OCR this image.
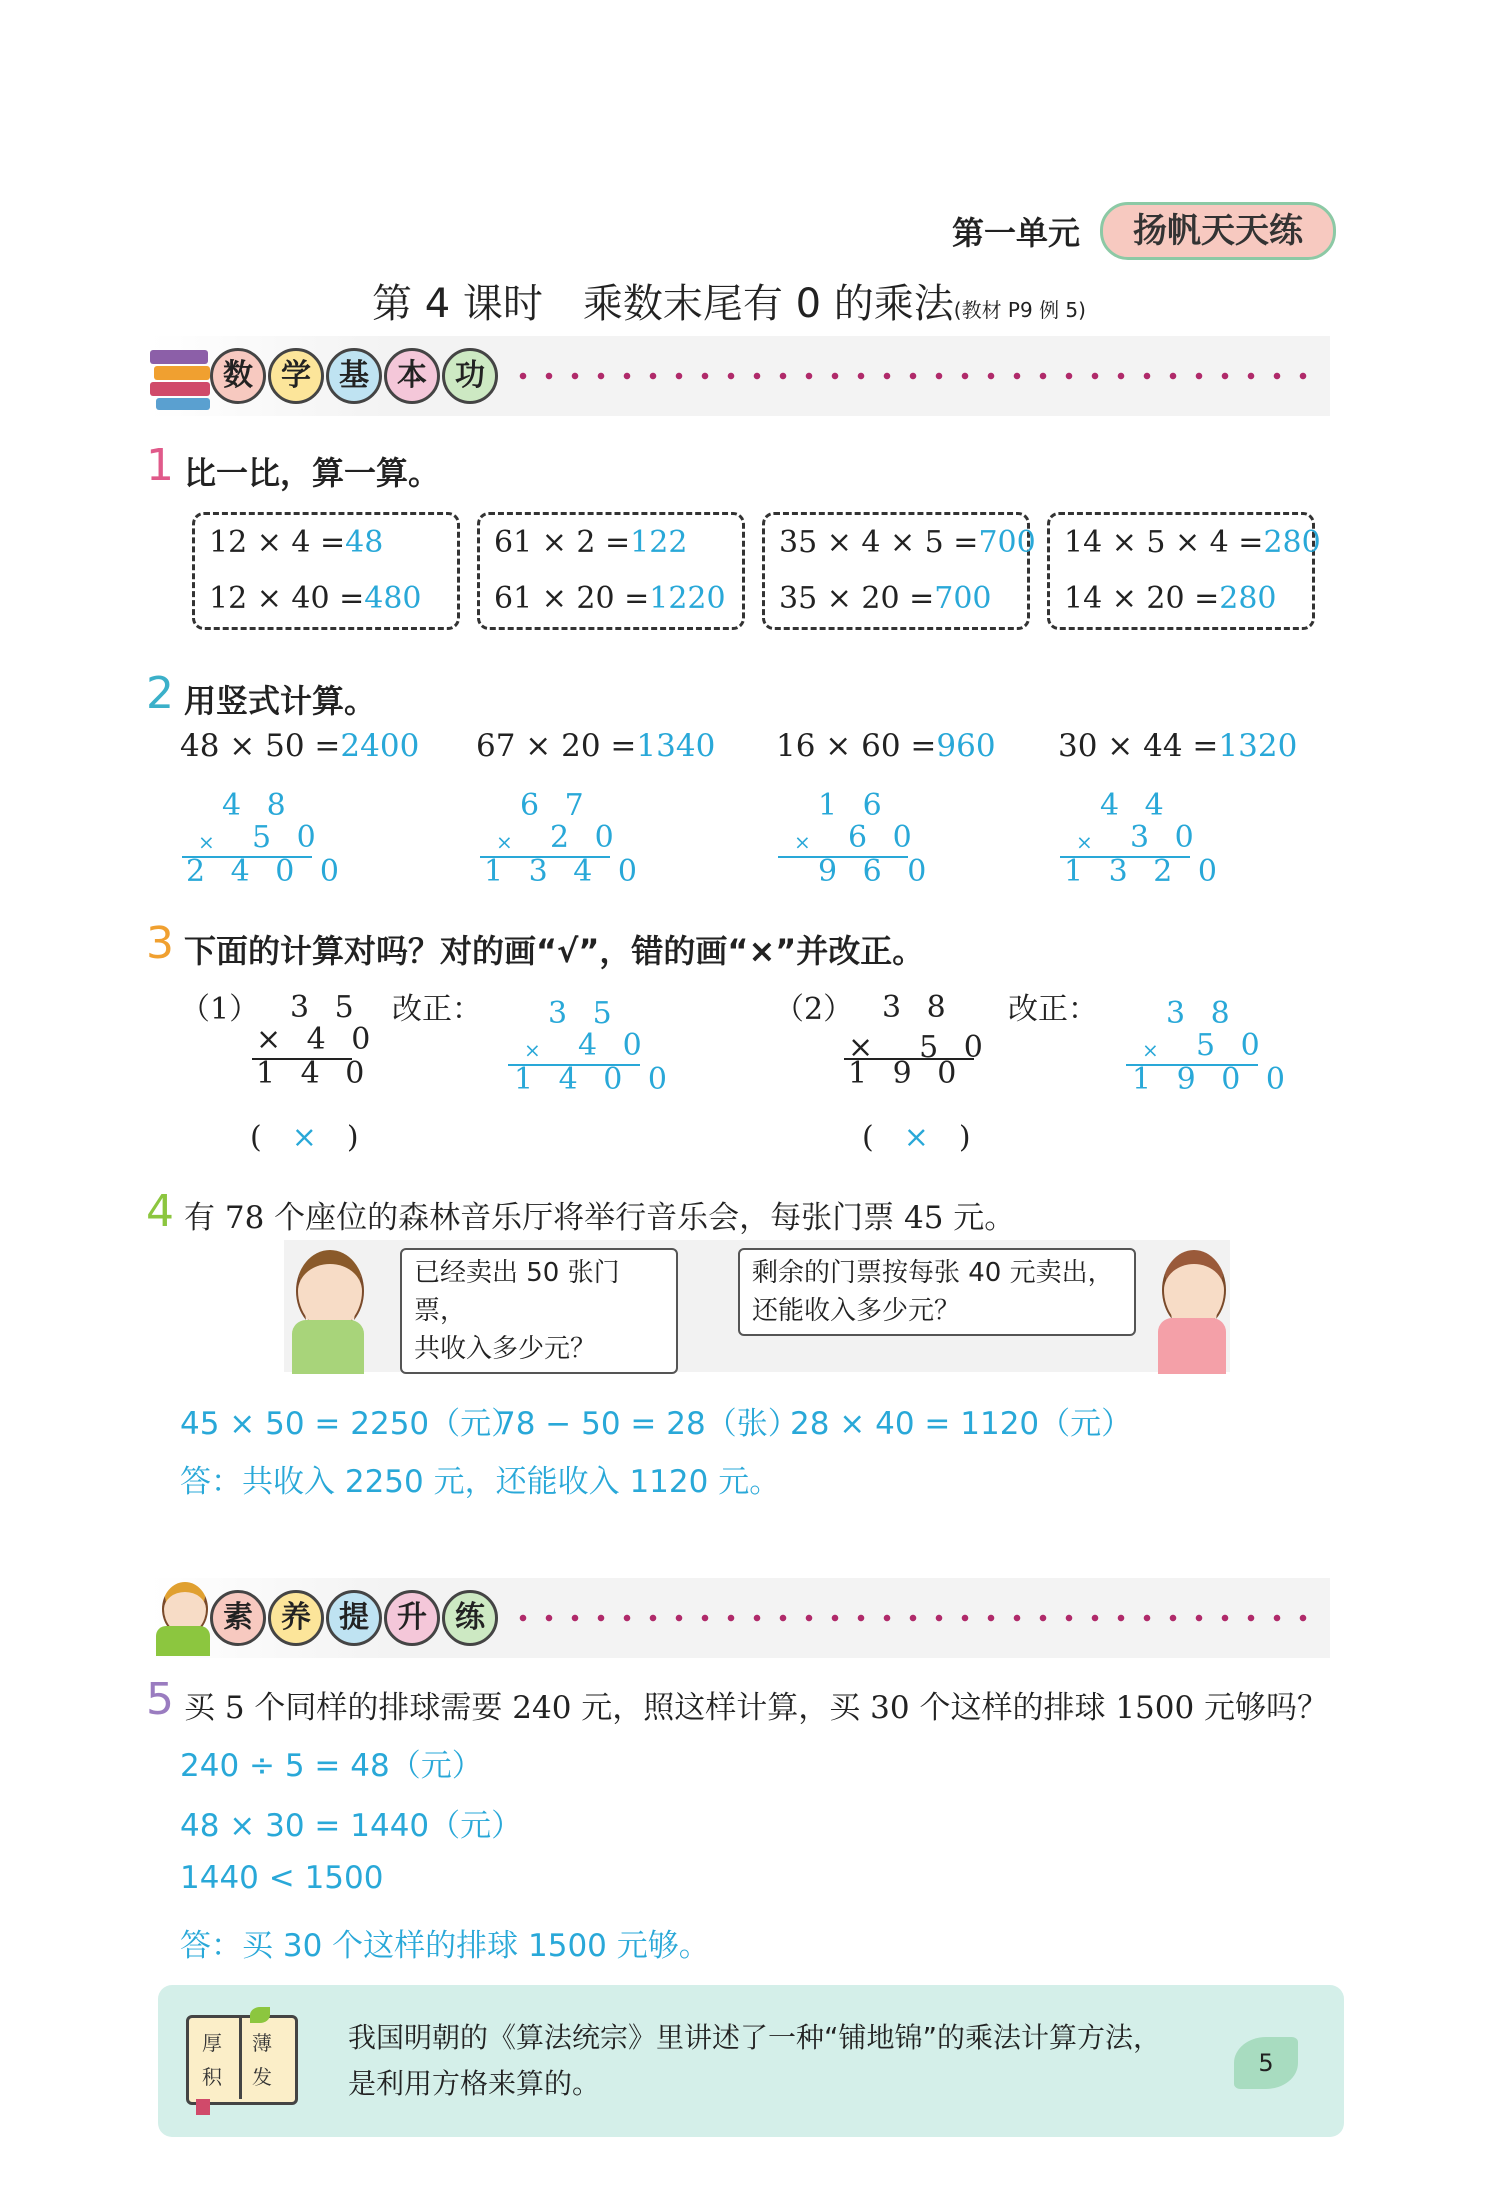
第一单元	扬帆天天练
第 4 课时　乘数末尾有 0 的乘法(教材 P9 例 5)
数 学 基 本 功
1 比一比，算一算。
12 × 4 =48
12 × 40 =480
61 × 2 =122
61 × 20 =1220
35 × 4 × 5 =700
35 × 20 =700
14 × 5 × 4 =280
14 × 20 =280
2 用竖式计算。
48 × 50 =2400
4 8
× 5 0
2 4 0 0
67 × 20 =1340
6 7
× 2 0
1 3 4 0
16 × 60 =960
1 6
× 6 0
9 6 0
30 × 44 =1320
4 4
× 3 0
1 3 2 0
3 下面的计算对吗？对的画“√”，错的画“×”并改正。
（1） 3 5
× 4 0
1 4 0
(　×　)
改正： 3 5
× 4 0
1 4 0 0
（2） 3 8
×　5 0
1 9 0
(　×　)
改正： 3 8
× 5 0
1 9 0 0
4 有 78 个座位的森林音乐厅将举行音乐会，每张门票 45 元。
已经卖出 50 张门票，
共收入多少元？
剩余的门票按每张 40 元卖出，
还能收入多少元？
45 × 50 = 2250（元）
78 − 50 = 28（张）
28 × 40 = 1120（元）
答：共收入 2250 元，还能收入 1120 元。
素 养 提 升 练
5 买 5 个同样的排球需要 240 元，照这样计算，买 30 个这样的排球 1500 元够吗？
240 ÷ 5 = 48（元）
48 × 30 = 1440（元）
1440 < 1500
答：买 30 个这样的排球 1500 元够。
厚 薄
积 发
我国明朝的《算法统宗》里讲述了一种“铺地锦”的乘法计算方法，
是利用方格来算的。
5
